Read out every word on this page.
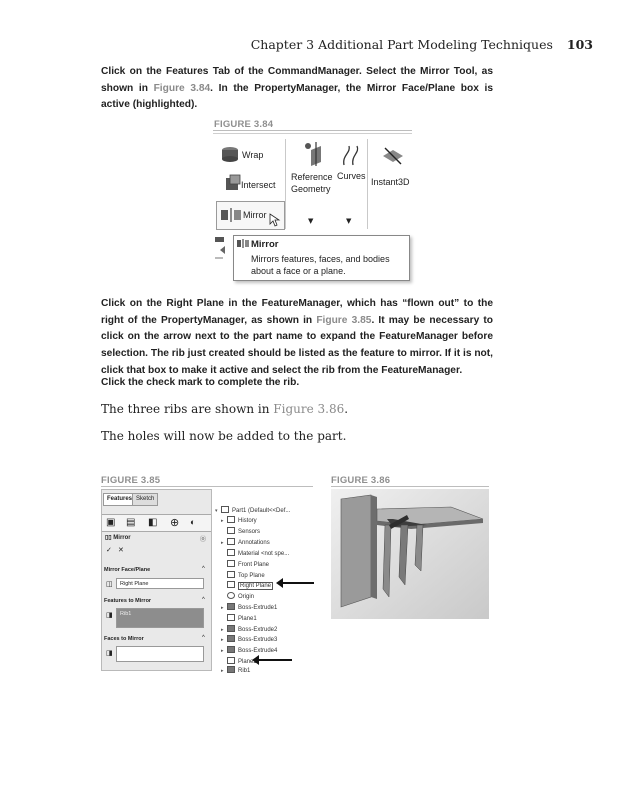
Chapter 3 Additional Part Modeling Techniques 103
Click on the Features Tab of the CommandManager. Select the Mirror Tool, as shown in Figure 3.84. In the PropertyManager, the Mirror Face/Plane box is active (highlighted).
FIGURE 3.84
Wrap
Intersect
Reference
Geometry
Curves
Instant3D
▼	▼
Mirror
Mirror
Mirrors features, faces, and bodies
about a face or a plane.
Click on the Right Plane in the FeatureManager, which has “flown out” to the right of the PropertyManager, as shown in Figure 3.85. It may be necessary to click on the arrow next to the part name to expand the FeatureManager before selection. The rib just created should be listed as the feature to mirror. If it is not, click that box to make it active and select the rib from the FeatureManager.
Click the check mark to complete the rib.
The three ribs are shown in Figure 3.86.
The holes will now be added to the part.
FIGURE 3.85
Features Sketch
▣ ▤ ◧ ⊕ ◐
▯▯ Mirror	⓪
✓ ✕
Mirror Face/Plane	^
◫	Right Plane
Features to Mirror	^
◨	Rib1
Faces to Mirror	^
◨
▾ Part1 (Default<<Def...
▸ History
Sensors
▸ Annotations
Material <not spe...
Front Plane
Top Plane
Right Plane
Origin
▸ Boss-Extrude1
Plane1
▸ Boss-Extrude2
▸ Boss-Extrude3
▸ Boss-Extrude4
Plane2
▸ Rib1
FIGURE 3.86
